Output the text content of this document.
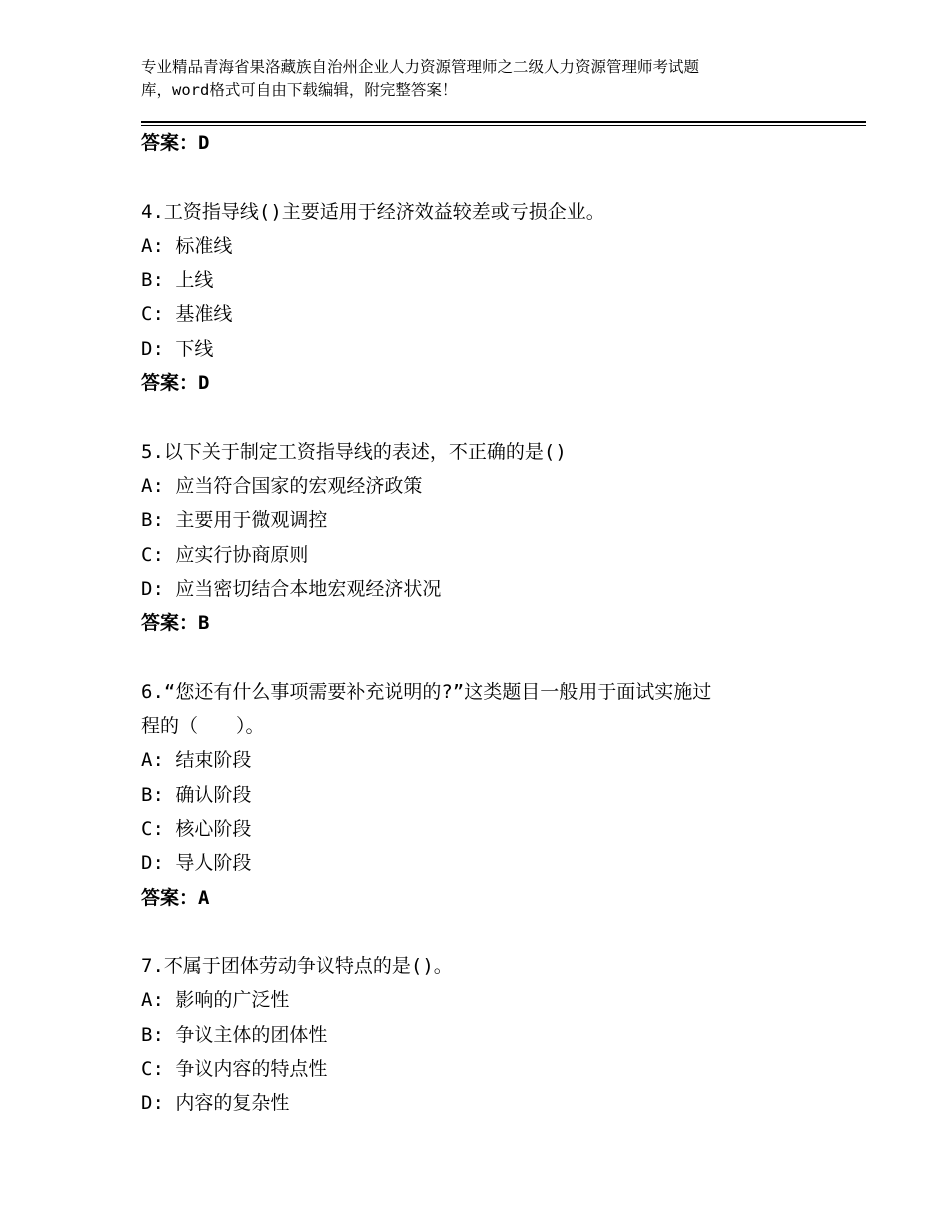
专业精品青海省果洛藏族自治州企业人力资源管理师之二级人力资源管理师考试题
库，word格式可自由下载编辑，附完整答案！
答案：D
4.工资指导线()主要适用于经济效益较差或亏损企业。
A: 标准线
B: 上线
C: 基准线
D: 下线
答案：D
5.以下关于制定工资指导线的表述，不正确的是()
A: 应当符合国家的宏观经济政策
B: 主要用于微观调控
C: 应实行协商原则
D: 应当密切结合本地宏观经济状况
答案：B
6.“您还有什么事项需要补充说明的?”这类题目一般用于面试实施过
程的（　　）。
A: 结束阶段
B: 确认阶段
C: 核心阶段
D: 导人阶段
答案：A
7.不属于团体劳动争议特点的是()。
A: 影响的广泛性
B: 争议主体的团体性
C: 争议内容的特点性
D: 内容的复杂性
